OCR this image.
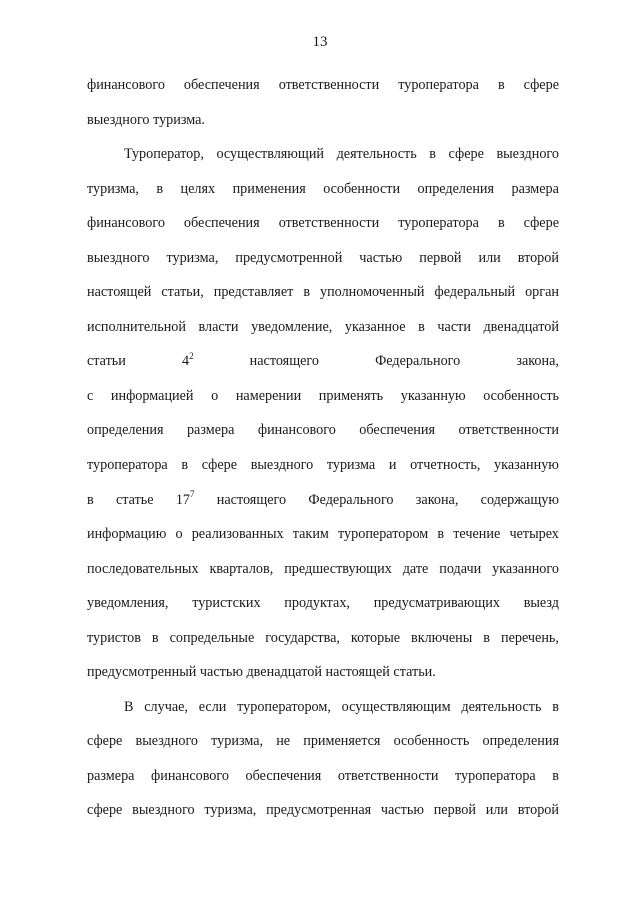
13
финансового обеспечения ответственности туроператора в сфере
выездного туризма.
Туроператор, осуществляющий деятельность в сфере выездного
туризма, в целях применения особенности определения размера
финансового обеспечения ответственности туроператора в сфере
выездного туризма, предусмотренной частью первой или второй
настоящей статьи, представляет в уполномоченный федеральный орган
исполнительной власти уведомление, указанное в части двенадцатой
статьи	$4^2$	настоящего	Федерального	закона,
с информацией о намерении применять указанную особенность
определения размера финансового обеспечения ответственности
туроператора в сфере выездного туризма и отчетность, указанную
в статье $17^7$ настоящего Федерального закона, содержащую
информацию о реализованных таким туроператором в течение четырех
последовательных кварталов, предшествующих дате подачи указанного
уведомления, туристских продуктах, предусматривающих выезд
туристов в сопредельные государства, которые включены в перечень,
предусмотренный частью двенадцатой настоящей статьи.
В случае, если туроператором, осуществляющим деятельность в
сфере выездного туризма, не применяется особенность определения
размера финансового обеспечения ответственности туроператора в
сфере выездного туризма, предусмотренная частью первой или второй
